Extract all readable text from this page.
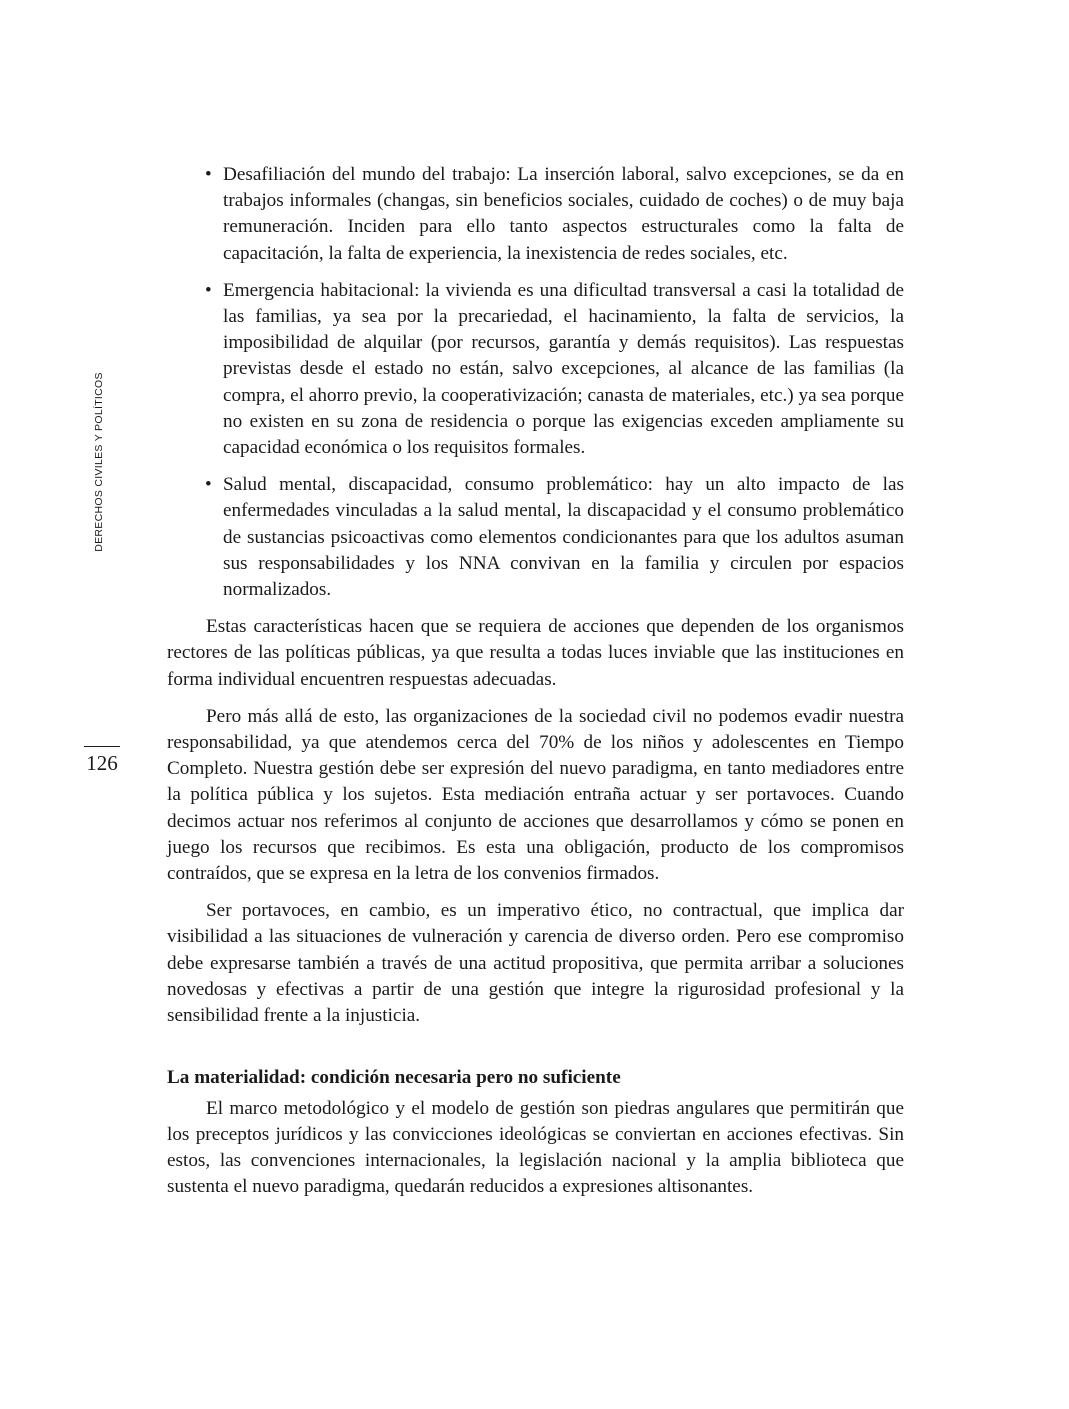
DERECHOS CIVILES Y POLÍTICOS
126
• Desafiliación del mundo del trabajo: La inserción laboral, salvo excepciones, se da en trabajos informales (changas, sin beneficios sociales, cuidado de coches) o de muy baja remuneración. Inciden para ello tanto aspectos estructurales como la falta de capacitación, la falta de experiencia, la inexistencia de redes sociales, etc.
• Emergencia habitacional: la vivienda es una dificultad transversal a casi la totalidad de las familias, ya sea por la precariedad, el hacinamiento, la falta de servicios, la imposibilidad de alquilar (por recursos, garantía y demás requisitos). Las respuestas previstas desde el estado no están, salvo excepciones, al alcance de las familias (la compra, el ahorro previo, la cooperativización; canasta de materiales, etc.) ya sea porque no existen en su zona de residencia o porque las exigencias exceden ampliamente su capacidad económica o los requisitos formales.
• Salud mental, discapacidad, consumo problemático: hay un alto impacto de las enfermedades vinculadas a la salud mental, la discapacidad y el consumo problemático de sustancias psicoactivas como elementos condicionantes para que los adultos asuman sus responsabilidades y los NNA convivan en la familia y circulen por espacios normalizados.

Estas características hacen que se requiera de acciones que dependen de los organismos rectores de las políticas públicas, ya que resulta a todas luces inviable que las instituciones en forma individual encuentren respuestas adecuadas.

Pero más allá de esto, las organizaciones de la sociedad civil no podemos evadir nuestra responsabilidad, ya que atendemos cerca del 70% de los niños y adolescentes en Tiempo Completo. Nuestra gestión debe ser expresión del nuevo paradigma, en tanto mediadores entre la política pública y los sujetos. Esta mediación entraña actuar y ser portavoces. Cuando decimos actuar nos referimos al conjunto de acciones que desarrollamos y cómo se ponen en juego los recursos que recibimos. Es esta una obligación, producto de los compromisos contraídos, que se expresa en la letra de los convenios firmados.

Ser portavoces, en cambio, es un imperativo ético, no contractual, que implica dar visibilidad a las situaciones de vulneración y carencia de diverso orden. Pero ese compromiso debe expresarse también a través de una actitud propositiva, que permita arribar a soluciones novedosas y efectivas a partir de una gestión que integre la rigurosidad profesional y la sensibilidad frente a la injusticia.

La materialidad: condición necesaria pero no suficiente

El marco metodológico y el modelo de gestión son piedras angulares que permitirán que los preceptos jurídicos y las convicciones ideológicas se conviertan en acciones efectivas. Sin estos, las convenciones internacionales, la legislación nacional y la amplia biblioteca que sustenta el nuevo paradigma, quedarán reducidos a expresiones altisonantes.
